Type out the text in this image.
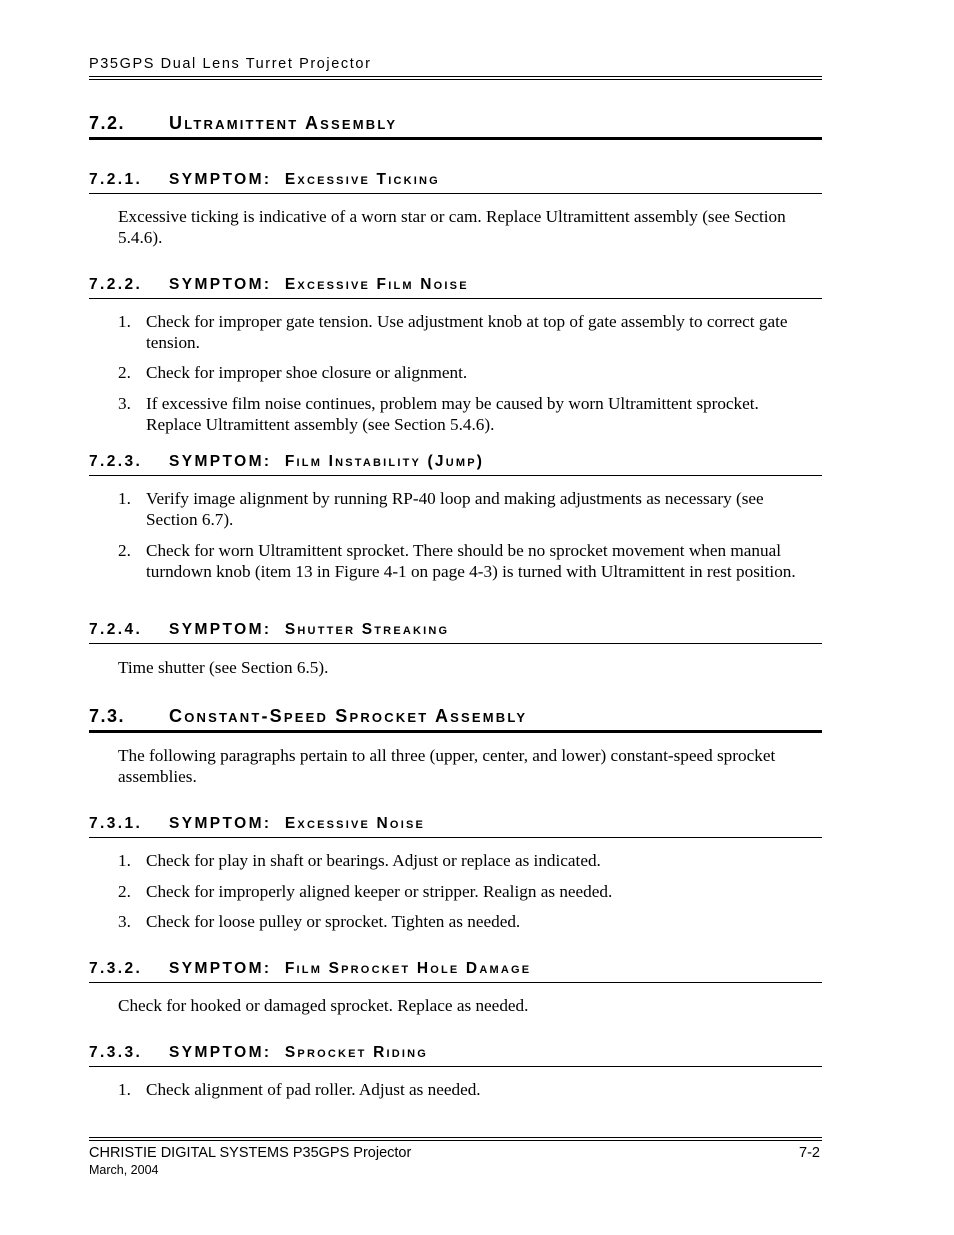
P35GPS Dual Lens Turret Projector
7.2. Ultramittent Assembly
7.2.1. SYMPTOM: Excessive Ticking
Excessive ticking is indicative of a worn star or cam. Replace Ultramittent assembly (see Section 5.4.6).
7.2.2. SYMPTOM: Excessive Film Noise
1. Check for improper gate tension. Use adjustment knob at top of gate assembly to correct gate tension.
2. Check for improper shoe closure or alignment.
3. If excessive film noise continues, problem may be caused by worn Ultramittent sprocket. Replace Ultramittent assembly (see Section 5.4.6).
7.2.3. SYMPTOM: Film Instability (Jump)
1. Verify image alignment by running RP-40 loop and making adjustments as necessary (see Section 6.7).
2. Check for worn Ultramittent sprocket. There should be no sprocket movement when manual turndown knob (item 13 in Figure 4-1 on page 4-3) is turned with Ultramittent in rest position.
7.2.4. SYMPTOM: Shutter Streaking
Time shutter (see Section 6.5).
7.3. Constant-Speed Sprocket Assembly
The following paragraphs pertain to all three (upper, center, and lower) constant-speed sprocket assemblies.
7.3.1. SYMPTOM: Excessive Noise
1. Check for play in shaft or bearings. Adjust or replace as indicated.
2. Check for improperly aligned keeper or stripper. Realign as needed.
3. Check for loose pulley or sprocket. Tighten as needed.
7.3.2. SYMPTOM: Film Sprocket Hole Damage
Check for hooked or damaged sprocket. Replace as needed.
7.3.3. SYMPTOM: Sprocket Riding
1. Check alignment of pad roller. Adjust as needed.
CHRISTIE DIGITAL SYSTEMS P35GPS Projector
March, 2004
7-2
